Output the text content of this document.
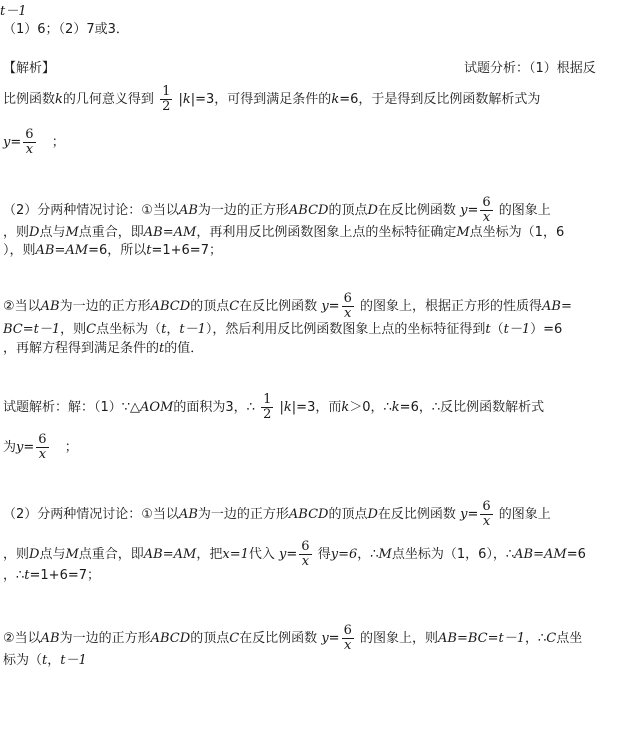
（1）6；（2）7或3．
【解析】	试题分析：（1）根据反
比例函数k的几何意义得到 $\frac{1}{2} |k|=3$，可得到满足条件的k=6，于是得到反比例函数解析式为
$y= \frac{6}{x}$ ；
（2）分两种情况讨论：①当以AB为一边的正方形ABCD的顶点D在反比例函数 $y= \frac{6}{x}$ 的图象上
，则D点与M点重合，即AB=AM，再利用反比例函数图象上点的坐标特征确定M点坐标为（1，6
），则AB=AM=6，所以t=1+6=7；
②当以AB为一边的正方形ABCD的顶点C在反比例函数 $y= \frac{6}{x}$ 的图象上，根据正方形的性质得AB=
BC=t－1，则C点坐标为（t，t－1），然后利用反比例函数图象上点的坐标特征得到t（t－1）=6
，再解方程得到满足条件的t的值．
试题解析：解：（1）∵△AOM的面积为3，∴ $\frac{1}{2} |k|=3$，而k＞0，∴k=6，∴反比例函数解析式
为$y= \frac{6}{x}$ ；
（2）分两种情况讨论：①当以AB为一边的正方形ABCD的顶点D在反比例函数 $y= \frac{6}{x}$ 的图象上
，则D点与M点重合，即AB=AM，把x=1代入 $y= \frac{6}{x}$ 得y=6，∴M点坐标为（1，6），∴AB=AM=6
，∴t=1+6=7；
②当以AB为一边的正方形ABCD的顶点C在反比例函数 $y= \frac{6}{x}$ 的图象上，则AB=BC=t－1，∴C点坐
标为（t，t－1
t－1
